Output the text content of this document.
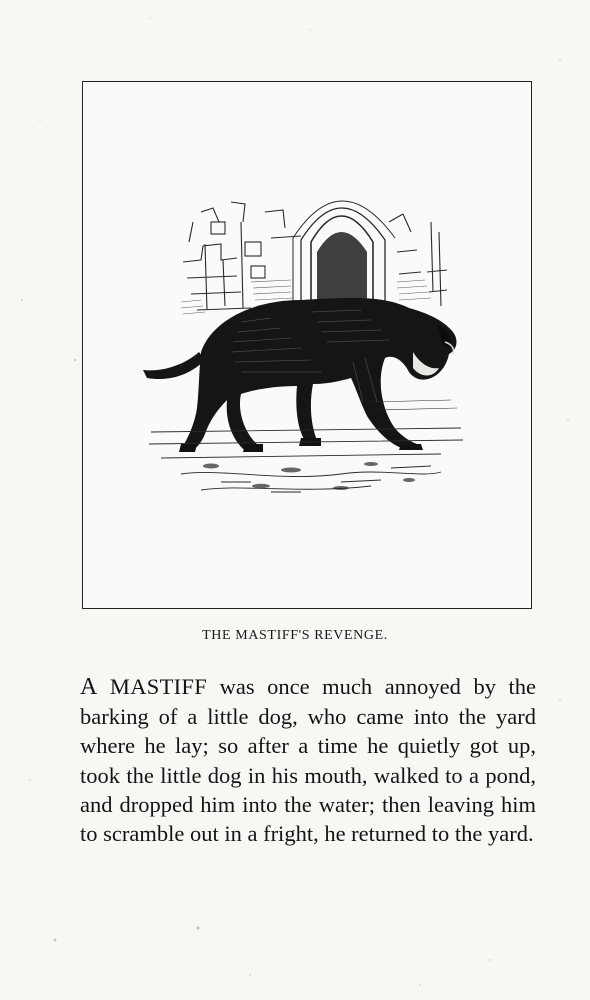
THE MASTIFF'S REVENGE.

A MASTIFF was once much annoyed by the barking of a little dog, who came into the yard where he lay; so after a time he quietly got up, took the little dog in his mouth, walked to a pond, and dropped him into the water; then leaving him to scramble out in a fright, he returned to the yard.
